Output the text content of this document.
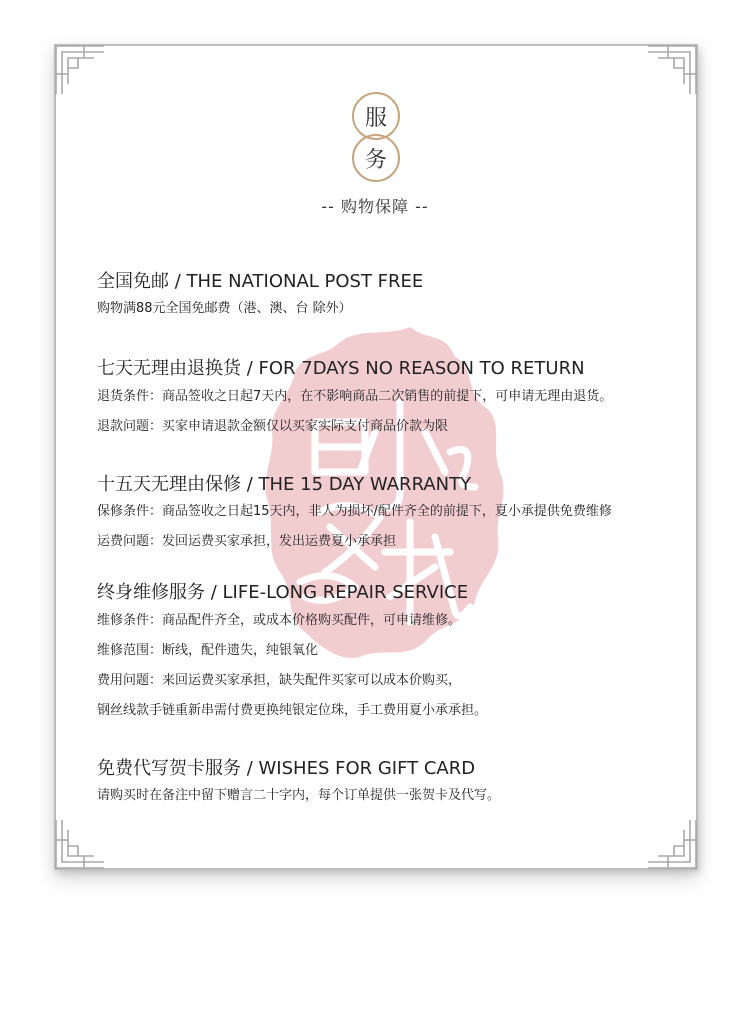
服
务
-- 购物保障 --
全国免邮 / THE NATIONAL POST FREE
购物满88元全国免邮费（港、澳、台 除外）
七天无理由退换货 / FOR 7DAYS NO REASON TO RETURN
退货条件：商品签收之日起7天内，在不影响商品二次销售的前提下，可申请无理由退货。
退款问题：买家申请退款金额仅以买家实际支付商品价款为限
十五天无理由保修 / THE 15 DAY WARRANTY
保修条件：商品签收之日起15天内，非人为损坏/配件齐全的前提下，夏小承提供免费维修
运费问题：发回运费买家承担，发出运费夏小承承担
终身维修服务 / LIFE-LONG REPAIR SERVICE
维修条件：商品配件齐全，或成本价格购买配件，可申请维修。
维修范围：断线，配件遗失，纯银氧化
费用问题：来回运费买家承担，缺失配件买家可以成本价购买，
钢丝线款手链重新串需付费更换纯银定位珠，手工费用夏小承承担。
免费代写贺卡服务 / WISHES FOR GIFT CARD
请购买时在备注中留下赠言二十字内，每个订单提供一张贺卡及代写。
